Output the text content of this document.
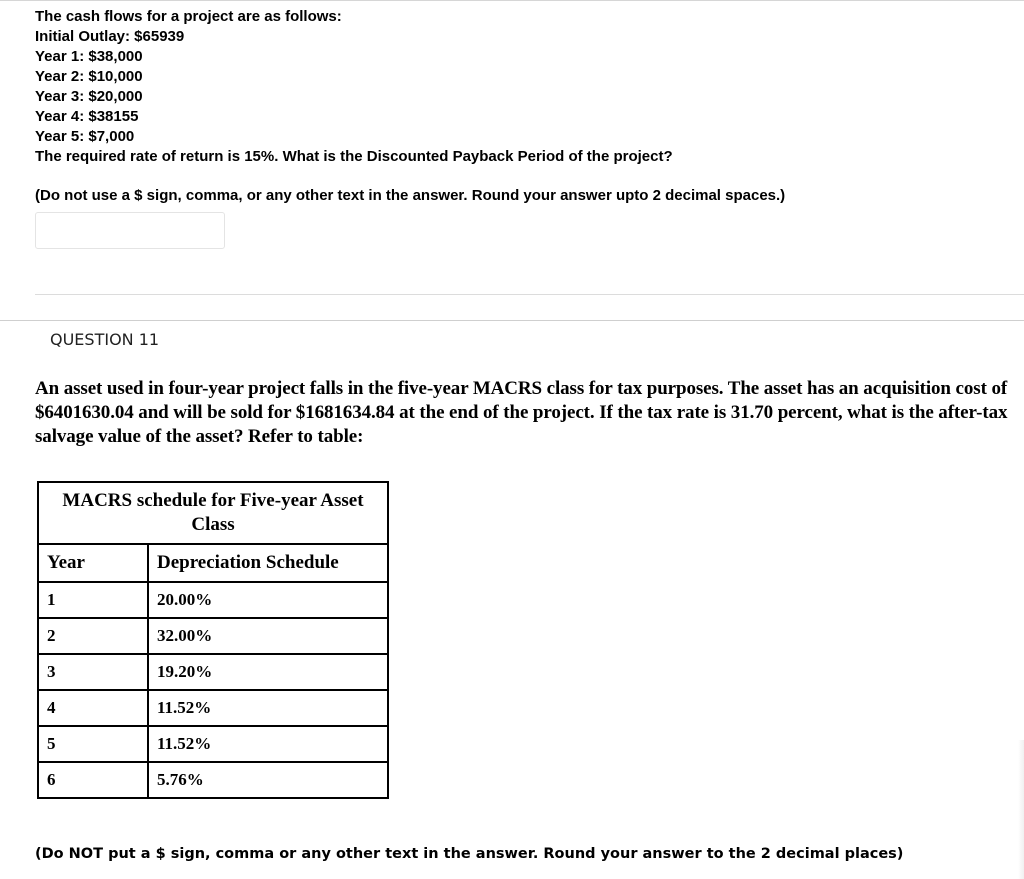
The cash flows for a project are as follows:
Initial Outlay: $65939
Year 1: $38,000
Year 2: $10,000
Year 3: $20,000
Year 4: $38155
Year 5: $7,000
The required rate of return is 15%. What is the Discounted Payback Period of the project?
(Do not use a $ sign, comma, or any other text in the answer. Round your answer upto 2 decimal spaces.)
QUESTION 11
An asset used in four-year project falls in the five-year MACRS class for tax purposes. The asset has an acquisition cost of $6401630.04 and will be sold for $1681634.84 at the end of the project. If the tax rate is 31.70 percent, what is the after-tax salvage value of the asset? Refer to table:
MACRS schedule for Five-year Asset Class	
Year	Depreciation Schedule
1	20.00%
2	32.00%
3	19.20%
4	11.52%
5	11.52%
6	5.76%
(Do NOT put a $ sign, comma or any other text in the answer. Round your answer to the 2 decimal places)
